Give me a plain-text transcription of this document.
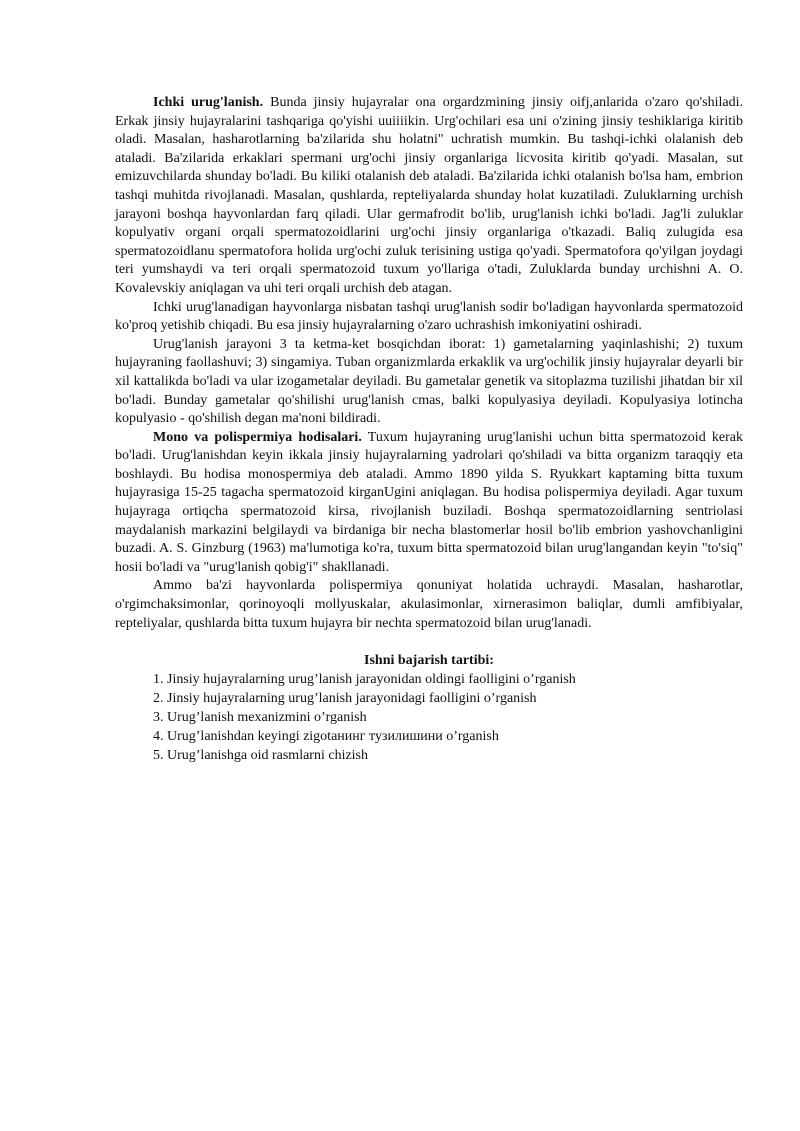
Ichki urug'lanish. Bunda jinsiy hujayralar ona orgardzmining jinsiy oifj,anlarida o'zaro qo'shiladi. Erkak jinsiy hujayralarini tashqariga qo'yishi uuiiiikin. Urg'ochilari esa uni o'zining jinsiy teshiklariga kiritib oladi. Masalan, hasharotlarning ba'zilarida shu holatni" uchratish mumkin. Bu tashqi-ichki olalanish deb ataladi. Ba'zilarida erkaklari spermani urg'ochi jinsiy organlariga licvosita kiritib qo'yadi. Masalan, sut emizuvchilarda shunday bo'ladi. Bu kiliki otalanish deb ataladi. Ba'zilarida ichki otalanish bo'lsa ham, embrion tashqi muhitda rivojlanadi. Masalan, qushlarda, repteliyalarda shunday holat kuzatiladi. Zuluklarning urchish jarayoni boshqa hayvonlardan farq qiladi. Ular germafrodit bo'lib, urug'lanish ichki bo'ladi. Jag'li zuluklar kopulyativ organi orqali spermatozoidlarini urg'ochi jinsiy organlariga o'tkazadi. Baliq zulugida esa spermatozoidlanu spermatofora holida urg'ochi zuluk terisining ustiga qo'yadi. Spermatofora qo'yilgan joydagi teri yumshaydi va teri orqali spermatozoid tuxum yo'llariga o'tadi, Zuluklarda bunday urchishni A. O. Kovalevskiy aniqlagan va uhi teri orqali urchish deb atagan.

Ichki urug'lanadigan hayvonlarga nisbatan tashqi urug'lanish sodir bo'ladigan hayvonlarda spermatozoid ko'proq yetishib chiqadi. Bu esa jinsiy hujayralarning o'zaro uchrashish imkoniyatini oshiradi.

Urug'lanish jarayoni 3 ta ketma-ket bosqichdan iborat: 1) gametalarning yaqinlashishi; 2) tuxum hujayraning faollashuvi; 3) singamiya. Tuban organizmlarda erkaklik va urg'ochilik jinsiy hujayralar deyarli bir xil kattalikda bo'ladi va ular izogametalar deyiladi. Bu gametalar genetik va sitoplazma tuzilishi jihatdan bir xil bo'ladi. Bunday gametalar qo'shilishi urug'lanish cmas, balki kopulyasiya deyiladi. Kopulyasiya lotincha kopulyasio - qo'shilish degan ma'noni bildiradi.

Mono va polispermiya hodisalari. Tuxum hujayraning urug'lanishi uchun bitta spermatozoid kerak bo'ladi. Urug'lanishdan keyin ikkala jinsiy hujayralarning yadrolari qo'shiladi va bitta organizm taraqqiy eta boshlaydi. Bu hodisa monospermiya deb ataladi. Ammo 1890 yilda S. Ryukkart kaptaming bitta tuxum hujayrasiga 15-25 tagacha spermatozoid kirganUgini aniqlagan. Bu hodisa polispermiya deyiladi. Agar tuxum hujayraga ortiqcha spermatozoid kirsa, rivojlanish buziladi. Boshqa spermatozoidlarning sentriolasi maydalanish markazini belgilaydi va birdaniga bir necha blastomerlar hosil bo'lib embrion yashovchanligini buzadi. A. S. Ginzburg (1963) ma'lumotiga ko'ra, tuxum bitta spermatozoid bilan urug'langandan keyin "to'siq" hosii bo'ladi va "urug'lanish qobig'i" shakllanadi.

Ammo ba'zi hayvonlarda polispermiya qonuniyat holatida uchraydi. Masalan, hasharotlar, o'rgimchaksimonlar, qorinoyoqli mollyuskalar, akulasimonlar, xirnerasimon baliqlar, dumli amfibiyalar, repteliyalar, qushlarda bitta tuxum hujayra bir nechta spermatozoid bilan urug'lanadi.

Ishni bajarish tartibi:
1. Jinsiy hujayralarning urug’lanish jarayonidan oldingi faolligini o’rganish
2. Jinsiy hujayralarning urug’lanish jarayonidagi faolligini o’rganish
3. Urug’lanish mexanizmini o’rganish
4. Urug’lanishdan keyingi zigotaнинг тузилишини o’rganish
5. Urug’lanishga oid rasmlarni chizish
